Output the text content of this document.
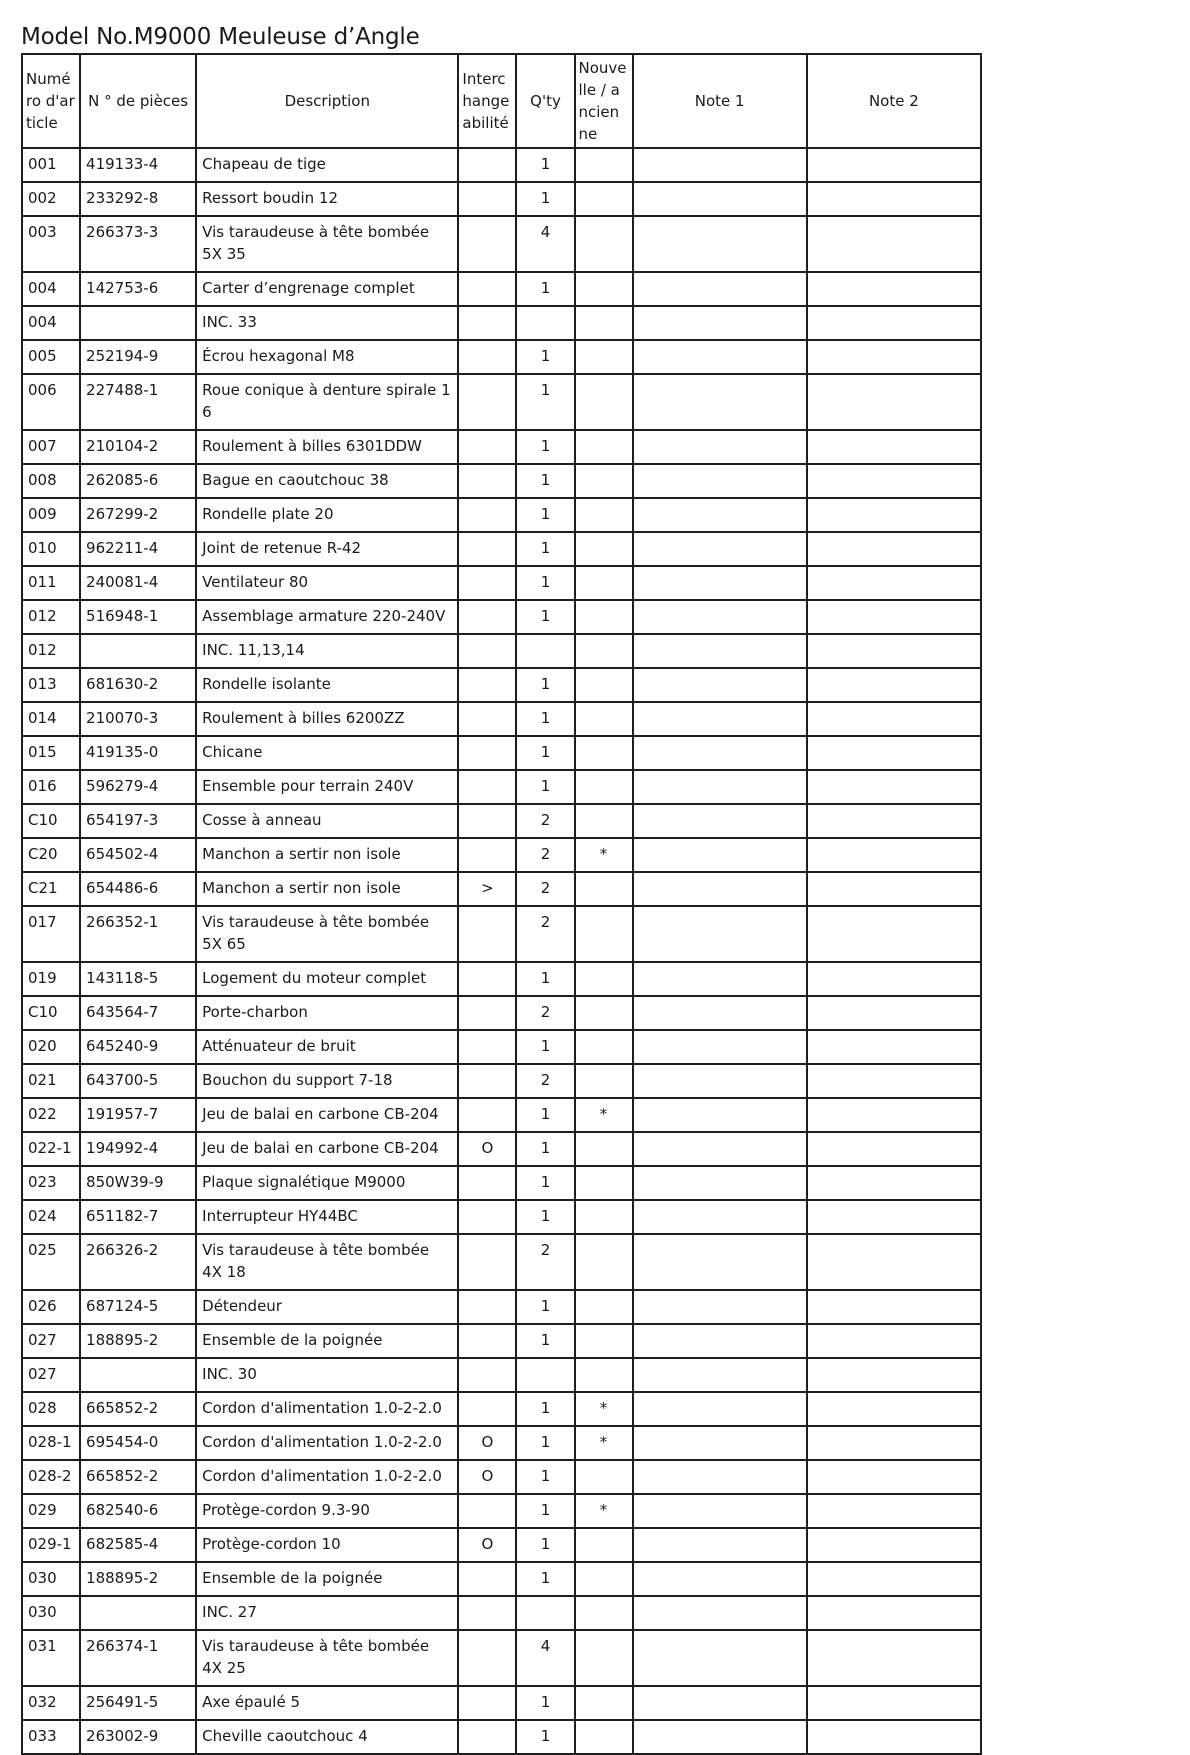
Model No.M9000 Meuleuse d’Angle
Numéro d'article	N ° de pièces	Description	Interchangeabilité	Q'ty	Nouvelle / ancienne	Note 1	Note 2
001	419133-4	Chapeau de tige		1			
002	233292-8	Ressort boudin 12		1			
003	266373-3	Vis taraudeuse à tête bombée 5X 35		4			
004	142753-6	Carter d’engrenage complet		1			
004		INC. 33					
005	252194-9	Écrou hexagonal M8		1			
006	227488-1	Roue conique à denture spirale 1 6		1			
007	210104-2	Roulement à billes 6301DDW		1			
008	262085-6	Bague en caoutchouc 38		1			
009	267299-2	Rondelle plate 20		1			
010	962211-4	Joint de retenue R-42		1			
011	240081-4	Ventilateur 80		1			
012	516948-1	Assemblage armature 220-240V		1			
012		INC. 11,13,14					
013	681630-2	Rondelle isolante		1			
014	210070-3	Roulement à billes 6200ZZ		1			
015	419135-0	Chicane		1			
016	596279-4	Ensemble pour terrain 240V		1			
C10	654197-3	Cosse à anneau		2			
C20	654502-4	Manchon a sertir non isole		2	*		
C21	654486-6	Manchon a sertir non isole	>	2			
017	266352-1	Vis taraudeuse à tête bombée 5X 65		2			
019	143118-5	Logement du moteur complet		1			
C10	643564-7	Porte-charbon		2			
020	645240-9	Atténuateur de bruit		1			
021	643700-5	Bouchon du support 7-18		2			
022	191957-7	Jeu de balai en carbone CB-204		1	*		
022-1	194992-4	Jeu de balai en carbone CB-204	O	1			
023	850W39-9	Plaque signalétique M9000		1			
024	651182-7	Interrupteur HY44BC		1			
025	266326-2	Vis taraudeuse à tête bombée 4X 18		2			
026	687124-5	Détendeur		1			
027	188895-2	Ensemble de la poignée		1			
027		INC. 30					
028	665852-2	Cordon d'alimentation 1.0-2-2.0		1	*		
028-1	695454-0	Cordon d'alimentation 1.0-2-2.0	O	1	*		
028-2	665852-2	Cordon d'alimentation 1.0-2-2.0	O	1			
029	682540-6	Protège-cordon 9.3-90		1	*		
029-1	682585-4	Protège-cordon 10	O	1			
030	188895-2	Ensemble de la poignée		1			
030		INC. 27					
031	266374-1	Vis taraudeuse à tête bombée 4X 25		4			
032	256491-5	Axe épaulé 5		1			
033	263002-9	Cheville caoutchouc 4		1			
